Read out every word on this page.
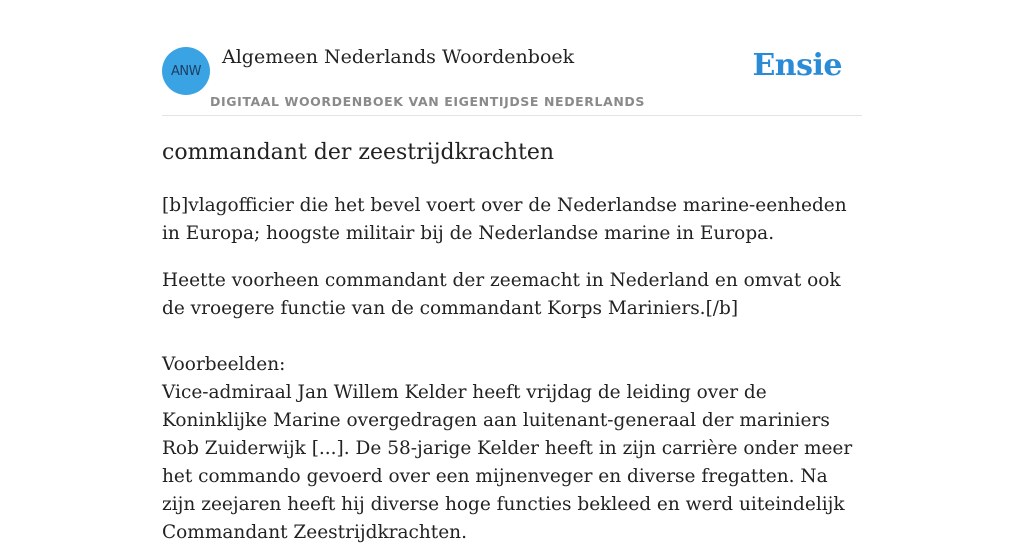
ANW
Algemeen Nederlands Woordenboek
DIGITAAL WOORDENBOEK VAN EIGENTIJDSE NEDERLANDS
Ensie
commandant der zeestrijdkrachten

[b]vlagofficier die het bevel voert over de Nederlandse marine-eenheden in Europa; hoogste militair bij de Nederlandse marine in Europa.

Heette voorheen commandant der zeemacht in Nederland en omvat ook de vroegere functie van de commandant Korps Mariniers.[/b]

Voorbeelden:
Vice-admiraal Jan Willem Kelder heeft vrijdag de leiding over de Koninklijke Marine overgedragen aan luitenant-generaal der mariniers Rob Zuiderwijk [...]. De 58-jarige Kelder heeft in zijn carrière onder meer het commando gevoerd over een mijnenveger en diverse fregatten. Na zijn zeejaren heeft hij diverse hoge functies bekleed en werd uiteindelijk Commandant Zeestrijdkrachten.
